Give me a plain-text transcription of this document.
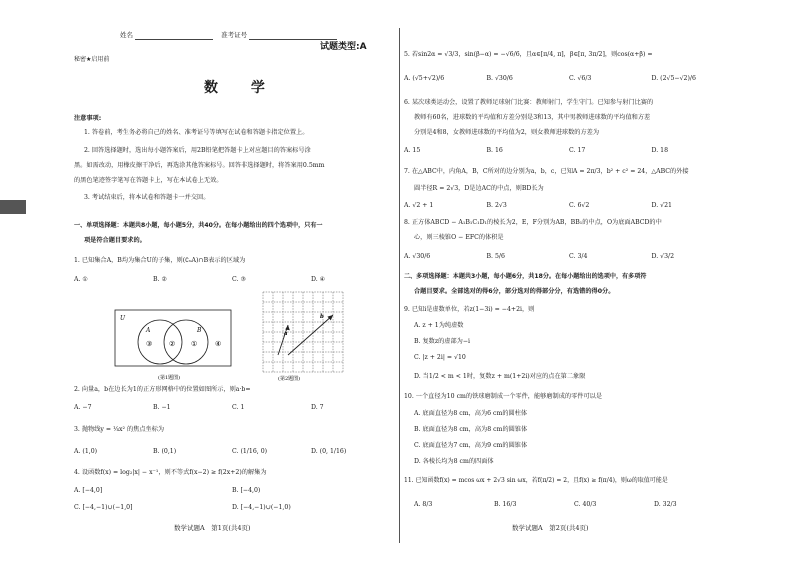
姓名	准考证号
试题类型:A
秘密★启用前
数 学
注意事项:
1. 答卷前，考生务必将自己的姓名、准考证号等填写在试卷和答题卡指定位置上。
2. 回答选择题时，选出每小题答案后，用2B铅笔把答题卡上对应题目的答案标号涂
黑。如需改动，用橡皮擦干净后，再选涂其他答案标号。回答非选择题时，将答案用0.5mm
的黑色笔迹签字笔写在答题卡上，写在本试卷上无效。
3. 考试结束后，将本试卷和答题卡一并交回。
一、单项选择题：本题共8小题，每小题5分，共40分。在每小题给出的四个选项中，只有一
项是符合题目要求的。
1. 已知集合A，B均为集合U的子集，则(∁ᵤA)∩B表示的区域为
A. ①	B. ②	C. ③	D. ④
U
A	B
③ ② ①	④
(第1题图)
a
b
(第2题图)
2. 向量a，b在边长为1的正方形网格中的位置如图所示，则a·b=
A. −7	B. −1	C. 1	D. 7
3. 抛物线y = ¼x² 的焦点坐标为
A. (1,0)	B. (0,1)	C. (1/16, 0)	D. (0, 1/16)
4. 设函数f(x) = log₂|x| − x⁻¹，则不等式f(x−2) ≥ f(2x+2)的解集为
A. [−4,0]	B. [−4,0)
C. [−4,−1)∪(−1,0]	D. [−4,−1)∪(−1,0)
数学试题A　第1页(共4页)
5. 若sin2α = √3/3，sin(β−α) = −√6/6，且α∈[π/4, π]，β∈[π, 3π/2]，则cos(α+β) =
A. (√5+√2)/6	B. √30/6	C. √6/3	D. (2√5−√2)/6
6. 某次球类运动会，设置了教师足球射门比赛：教师射门，学生守门。已知参与射门比赛的
教师有60名，进球数的平均值和方差分别是3和13，其中男教师进球数的平均值和方差
分别是4和8，女教师进球数的平均值为2，则女教师进球数的方差为
A. 15	B. 16	C. 17	D. 18
7. 在△ABC中，内角A，B，C所对的边分别为a，b，c，已知A = 2π/3，b² + c² = 24，△ABC的外接
圆半径R = 2√3，D是边AC的中点，则BD长为
A. √2 + 1	B. 2√3	C. 6√2	D. √21
8. 正方体ABCD − A₁B₁C₁D₁的棱长为2，E，F分别为AB，BB₁的中点，O为底面ABCD的中
心，则三棱锥O − EFC的体积是
A. √30/6	B. 5/6	C. 3/4	D. √3/2
二、多项选择题：本题共3小题，每小题6分，共18分。在每小题给出的选项中，有多项符
合题目要求。全部选对的得6分，部分选对的得部分分，有选错的得0分。
9. 已知i是虚数单位，若z(1−3i) = −4+2i，则
A. z + 1为纯虚数
B. 复数z的虚部为−i
C. |z + 2i| = √10
D. 当1/2 < m < 1时，复数z + m(1+2i)对应的点在第二象限
10. 一个直径为10 cm的铁球磨制成一个零件，能够磨制成的零件可以是
A. 底面直径为8 cm，高为6 cm的圆柱体
B. 底面直径为8 cm，高为8 cm的圆锥体
C. 底面直径为7 cm，高为9 cm的圆锥体
D. 各棱长均为8 cm的四面体
11. 已知函数f(x) = mcos ωx + 2√3 sin ωx，若f(π/2) = 2，且f(x) ≥ f(π/4)，则ω的取值可能是
A. 8/3	B. 16/3	C. 40/3	D. 32/3
数学试题A　第2页(共4页)
